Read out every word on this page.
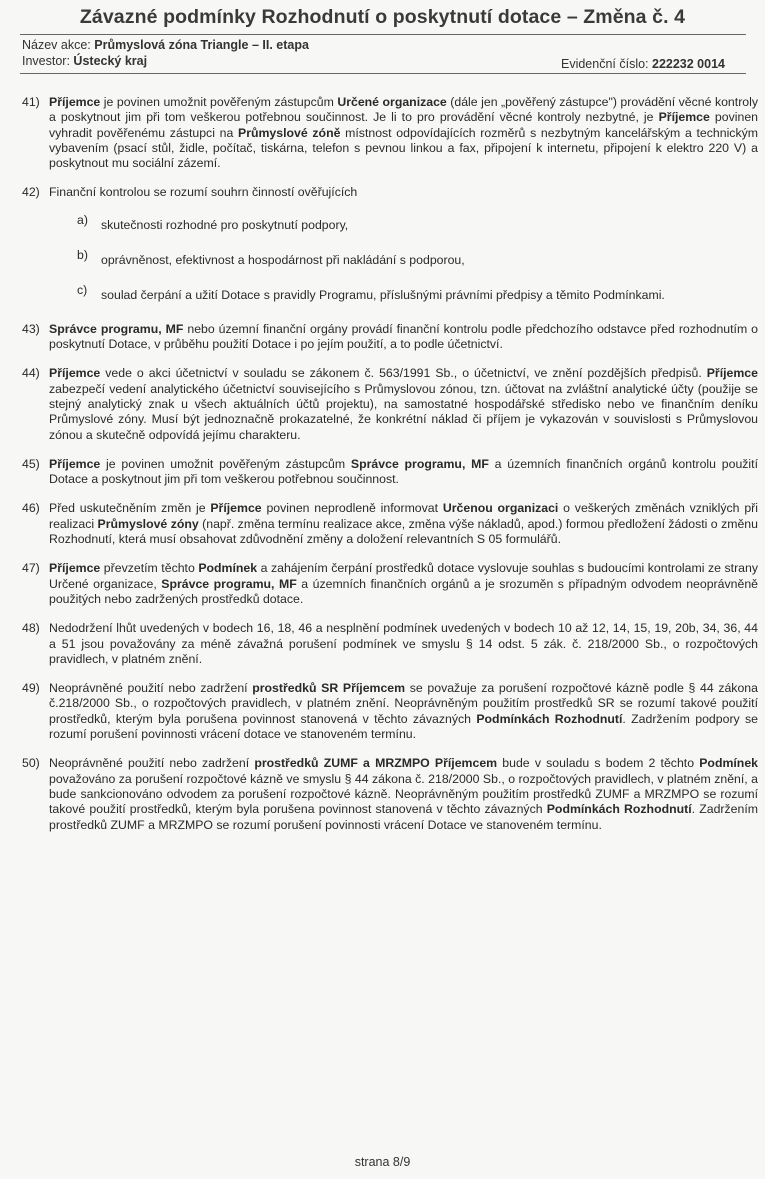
Závazné podmínky Rozhodnutí o poskytnutí dotace – Změna č. 4
Název akce: Průmyslová zóna Triangle – II. etapa
Investor: Ústecký kraj	Evidenční číslo: 222232 0014
41) Příjemce je povinen umožnit pověřeným zástupcům Určené organizace (dále jen „pověřený zástupce") provádění věcné kontroly a poskytnout jim při tom veškerou potřebnou součinnost. Je li to pro provádění věcné kontroly nezbytné, je Příjemce povinen vyhradit pověřenému zástupci na Průmyslové zóně místnost odpovídajících rozměrů s nezbytným kancelářským a technickým vybavením (psací stůl, židle, počítač, tiskárna, telefon s pevnou linkou a fax, připojení k internetu, připojení k elektro 220 V) a poskytnout mu sociální zázemí.
42) Finanční kontrolou se rozumí souhrn činností ověřujících
a)	skutečnosti rozhodné pro poskytnutí podpory,
b)	oprávněnost, efektivnost a hospodárnost při nakládání s podporou,
c)	soulad čerpání a užití Dotace s pravidly Programu, příslušnými právními předpisy a těmito Podmínkami.
43) Správce programu, MF nebo územní finanční orgány provádí finanční kontrolu podle předchozího odstavce před rozhodnutím o poskytnutí Dotace, v průběhu použití Dotace i po jejím použití, a to podle účetnictví.
44) Příjemce vede o akci účetnictví v souladu se zákonem č. 563/1991 Sb., o účetnictví, ve znění pozdějších předpisů. Příjemce zabezpečí vedení analytického účetnictví souvisejícího s Průmyslovou zónou, tzn. účtovat na zvláštní analytické účty (použije se stejný analytický znak u všech aktuálních účtů projektu), na samostatné hospodářské středisko nebo ve finančním deníku Průmyslové zóny. Musí být jednoznačně prokazatelné, že konkrétní náklad či příjem je vykazován v souvislosti s Průmyslovou zónou a skutečně odpovídá jejímu charakteru.
45) Příjemce je povinen umožnit pověřeným zástupcům Správce programu, MF a územních finančních orgánů kontrolu použití Dotace a poskytnout jim při tom veškerou potřebnou součinnost.
46) Před uskutečněním změn je Příjemce povinen neprodleně informovat Určenou organizaci o veškerých změnách vzniklých při realizaci Průmyslové zóny (např. změna termínu realizace akce, změna výše nákladů, apod.) formou předložení žádosti o změnu Rozhodnutí, která musí obsahovat zdůvodnění změny a doložení relevantních S 05 formulářů.
47) Příjemce převzetím těchto Podmínek a zahájením čerpání prostředků dotace vyslovuje souhlas s budoucími kontrolami ze strany Určené organizace, Správce programu, MF a územních finančních orgánů a je srozuměn s případným odvodem neoprávněně použitých nebo zadržených prostředků dotace.
48) Nedodržení lhůt uvedených v bodech 16, 18, 46 a nesplnění podmínek uvedených v bodech 10 až 12, 14, 15, 19, 20b, 34, 36, 44 a 51 jsou považovány za méně závažná porušení podmínek ve smyslu § 14 odst. 5 zák. č. 218/2000 Sb., o rozpočtových pravidlech, v platném znění.
49) Neoprávněné použití nebo zadržení prostředků SR Příjemcem se považuje za porušení rozpočtové kázně podle § 44 zákona č.218/2000 Sb., o rozpočtových pravidlech, v platném znění. Neoprávněným použitím prostředků SR se rozumí takové použití prostředků, kterým byla porušena povinnost stanovená v těchto závazných Podmínkách Rozhodnutí. Zadržením podpory se rozumí porušení povinnosti vrácení dotace ve stanoveném termínu.
50) Neoprávněné použití nebo zadržení prostředků ZUMF a MRZMPO Příjemcem bude v souladu s bodem 2 těchto Podmínek považováno za porušení rozpočtové kázně ve smyslu § 44 zákona č. 218/2000 Sb., o rozpočtových pravidlech, v platném znění, a bude sankcionováno odvodem za porušení rozpočtové kázně. Neoprávněným použitím prostředků ZUMF a MRZMPO se rozumí takové použití prostředků, kterým byla porušena povinnost stanovená v těchto závazných Podmínkách Rozhodnutí. Zadržením prostředků ZUMF a MRZMPO se rozumí porušení povinnosti vrácení Dotace ve stanoveném termínu.
strana 8/9
